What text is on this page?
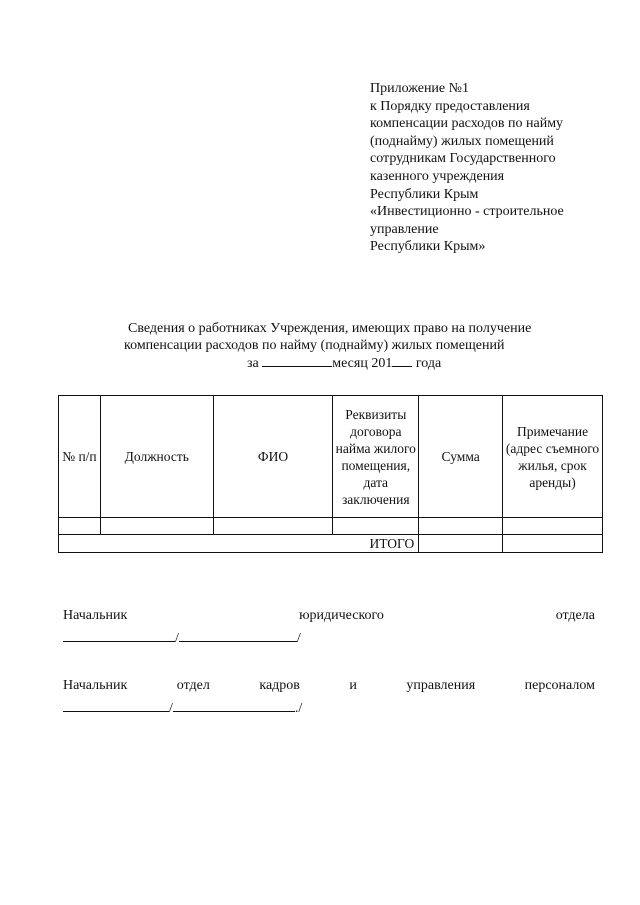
Приложение №1
к Порядку предоставления
компенсации расходов по найму
(поднайму) жилых помещений
сотрудникам Государственного
казенного учреждения
Республики Крым
«Инвестиционно - строительное
управление
Республики Крым»
Сведения о работниках Учреждения, имеющих право на получение
компенсации расходов по найму (поднайму) жилых помещений
за	месяц 201 года
№ п/п	Должность	ФИО	Реквизиты договора найма жилого помещения, дата заключения	Сумма	Примечание (адрес съемного жилья, срок аренды)

ИТОГО					
Начальник	юридического	отдела
/	/
Начальник	отдел	кадров	и	управления	персоналом
/	./
